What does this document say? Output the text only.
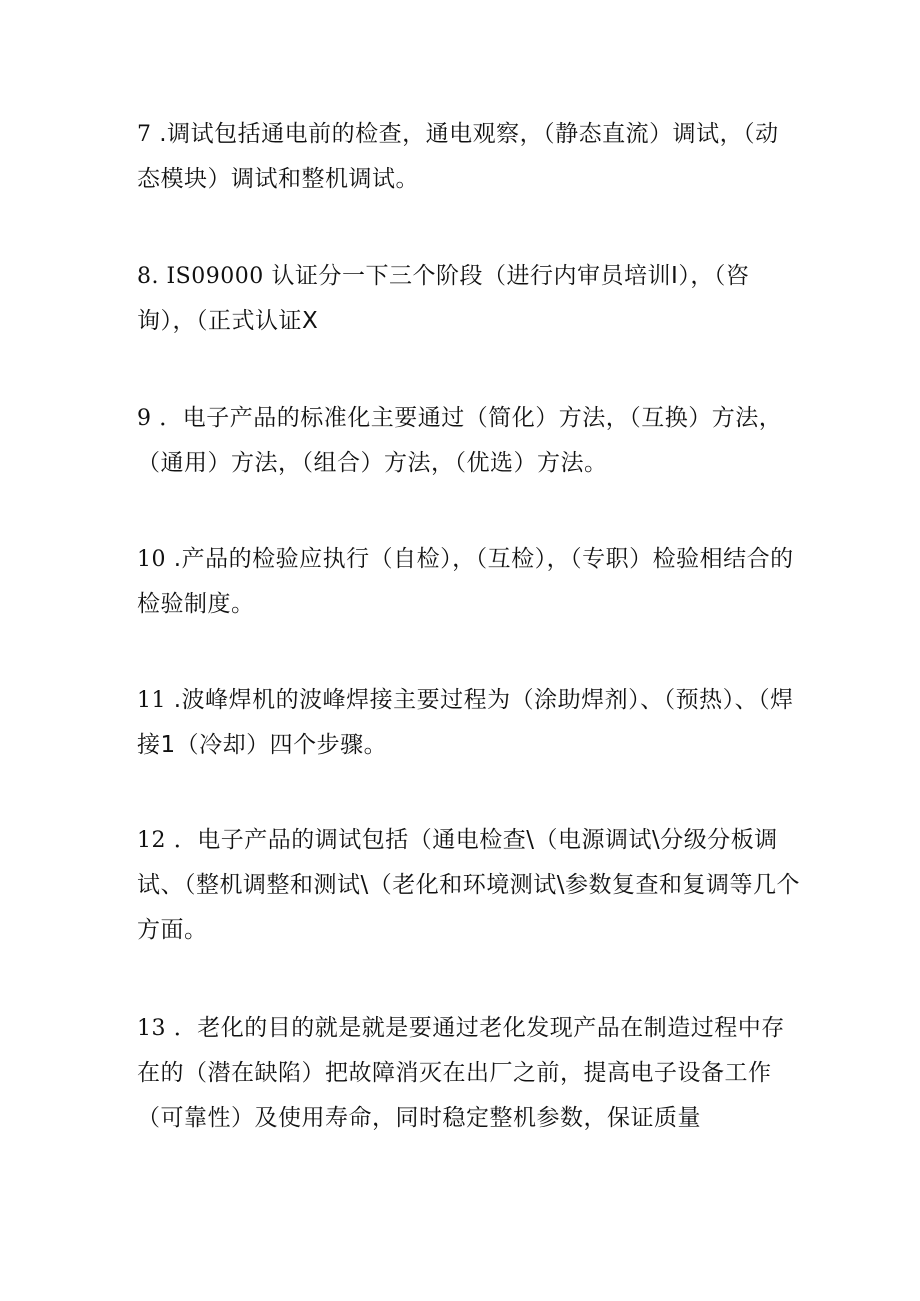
7 .调试包括通电前的检查，通电观察，（静态直流）调试，（动态模块）调试和整机调试。

8. IS09000 认证分一下三个阶段（进行内审员培训Ⅰ），（咨询），（正式认证Ⅹ

9 ．电子产品的标准化主要通过（简化）方法，（互换）方法，（通用）方法，（组合）方法，（优选）方法。

10 .产品的检验应执行（自检），（互检），（专职）检验相结合的检验制度。

11 .波峰焊机的波峰焊接主要过程为（涂助焊剂）、（预热）、（焊接1（冷却）四个步骤。

12 ．电子产品的调试包括（通电检查\（电源调试\分级分板调试、（整机调整和测试\（老化和环境测试\参数复查和复调等几个方面。

13 ．老化的目的就是就是要通过老化发现产品在制造过程中存在的（潜在缺陷）把故障消灭在出厂之前，提高电子设备工作（可靠性）及使用寿命，同时稳定整机参数，保证质量
